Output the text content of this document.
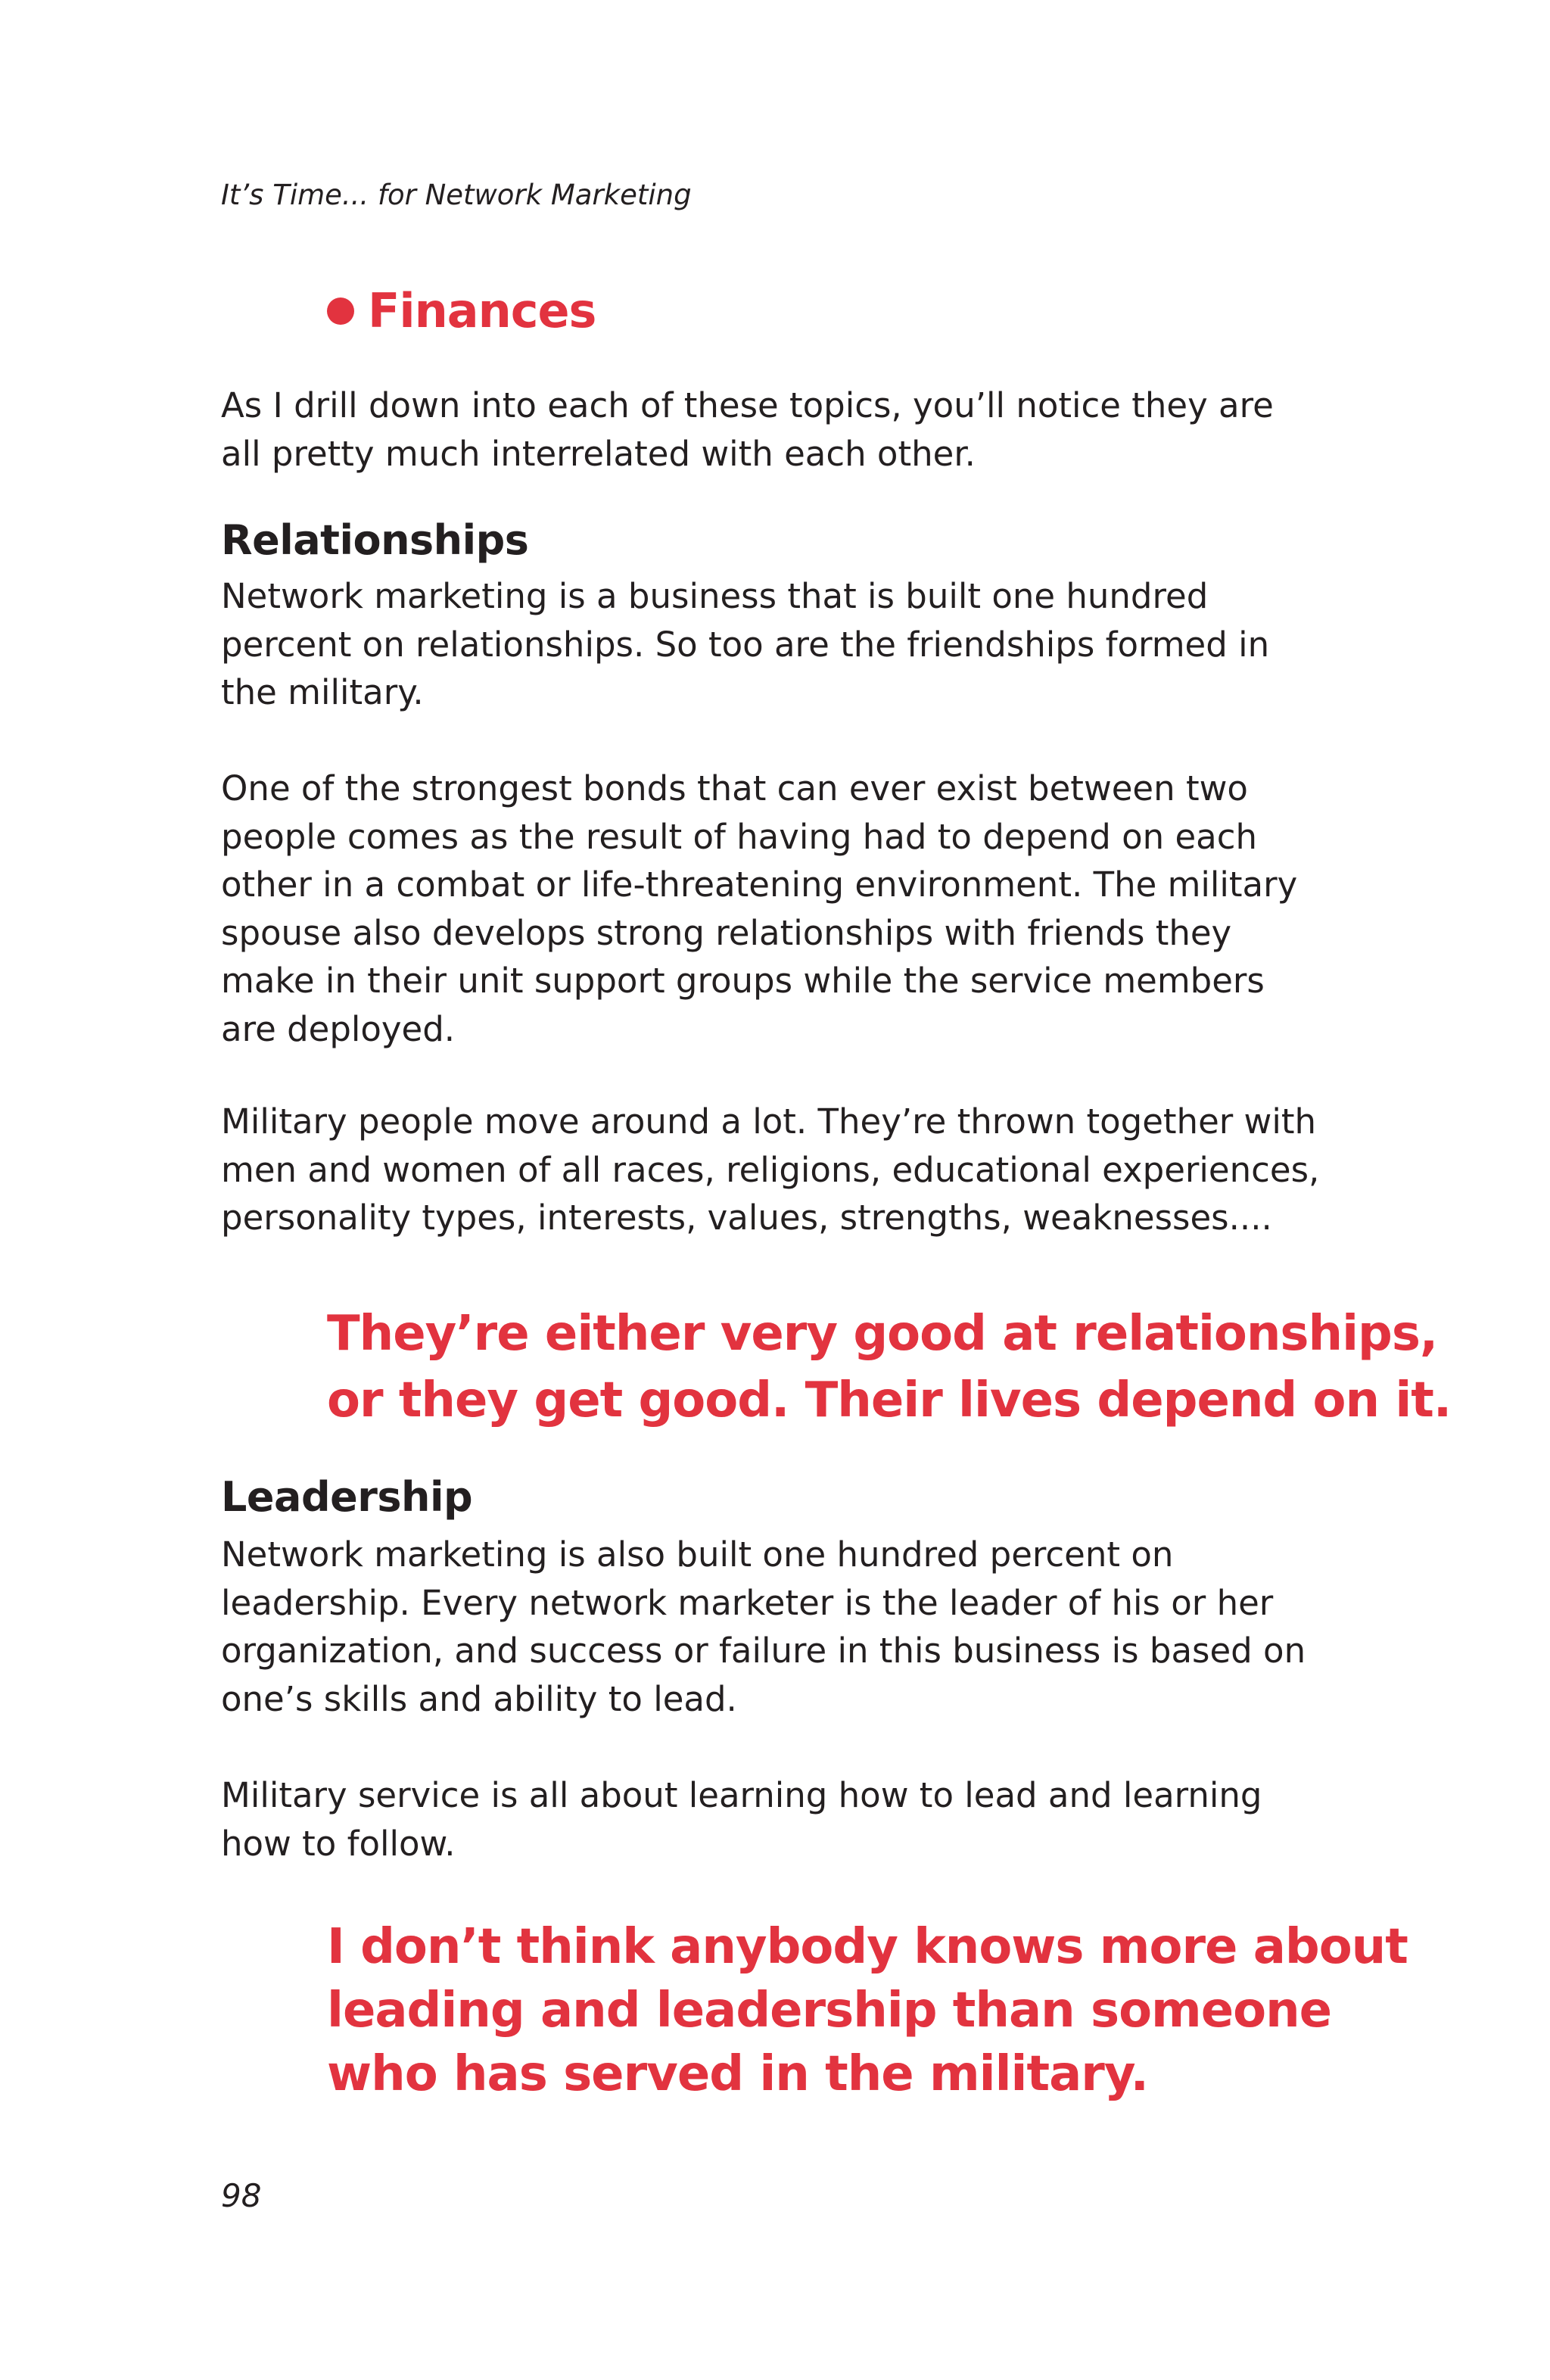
It’s Time... for Network Marketing
Finances

As I drill down into each of these topics, you’ll notice they are

all pretty much interrelated with each other.

Relationships

Network marketing is a business that is built one hundred

percent on relationships. So too are the friendships formed in

the military.

One of the strongest bonds that can ever exist between two

people comes as the result of having had to depend on each

other in a combat or life-threatening environment. The military

spouse also develops strong relationships with friends they

make in their unit support groups while the service members

are deployed.

Military people move around a lot. They’re thrown together with

men and women of all races, religions, educational experiences,

personality types, interests, values, strengths, weaknesses....

They’re either very good at relationships,

or they get good. Their lives depend on it.

Leadership

Network marketing is also built one hundred percent on

leadership. Every network marketer is the leader of his or her

organization, and success or failure in this business is based on

one’s skills and ability to lead.

Military service is all about learning how to lead and learning

how to follow.

I don’t think anybody knows more about

leading and leadership than someone

who has served in the military.

98
